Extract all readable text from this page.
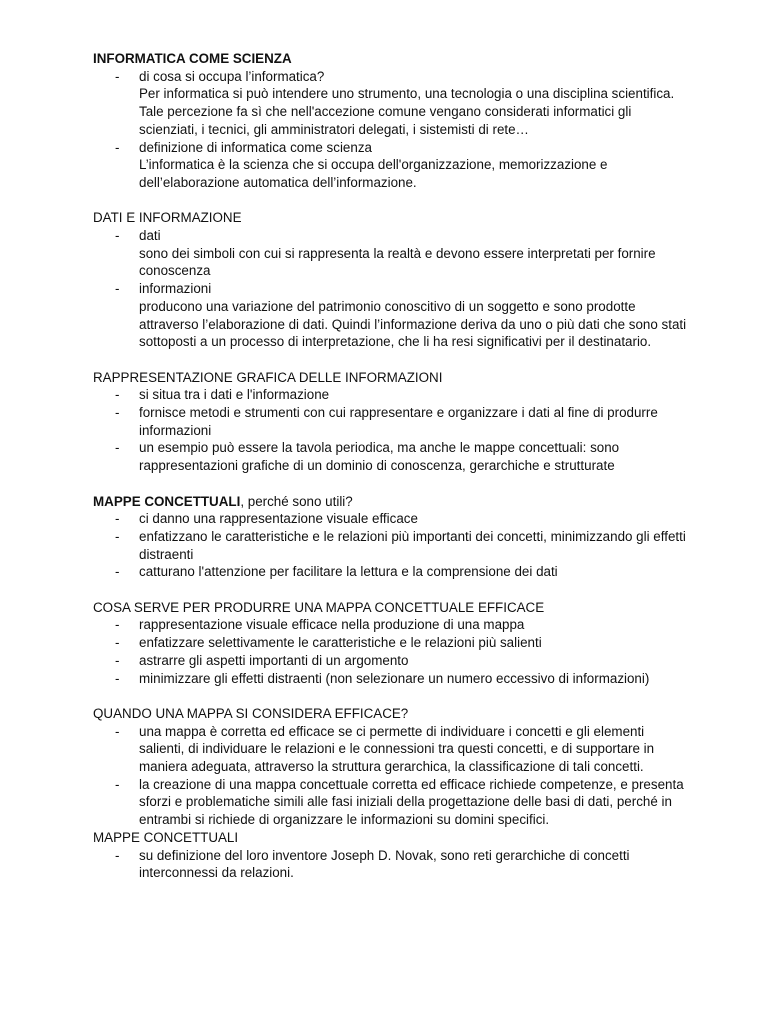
INFORMATICA COME SCIENZA
- di cosa si occupa l’informatica?
Per informatica si può intendere uno strumento, una tecnologia o una disciplina scientifica. Tale percezione fa sì che nell'accezione comune vengano considerati informatici gli scienziati, i tecnici, gli amministratori delegati, i sistemisti di rete…
- definizione di informatica come scienza
L’informatica è la scienza che si occupa dell'organizzazione, memorizzazione e dell’elaborazione automatica dell’informazione.
DATI E INFORMAZIONE
- dati
sono dei simboli con cui si rappresenta la realtà e devono essere interpretati per fornire conoscenza
- informazioni
producono una variazione del patrimonio conoscitivo di un soggetto e sono prodotte attraverso l’elaborazione di dati. Quindi l’informazione deriva da uno o più dati che sono stati sottoposti a un processo di interpretazione, che li ha resi significativi per il destinatario.
RAPPRESENTAZIONE GRAFICA DELLE INFORMAZIONI
- si situa tra i dati e l'informazione
- fornisce metodi e strumenti con cui rappresentare e organizzare i dati al fine di produrre informazioni
- un esempio può essere la tavola periodica, ma anche le mappe concettuali: sono rappresentazioni grafiche di un dominio di conoscenza, gerarchiche e strutturate
MAPPE CONCETTUALI, perché sono utili?
- ci danno una rappresentazione visuale efficace
- enfatizzano le caratteristiche e le relazioni più importanti dei concetti, minimizzando gli effetti distraenti
- catturano l'attenzione per facilitare la lettura e la comprensione dei dati
COSA SERVE PER PRODURRE UNA MAPPA CONCETTUALE EFFICACE
- rappresentazione visuale efficace nella produzione di una mappa
- enfatizzare selettivamente le caratteristiche e le relazioni più salienti
- astrarre gli aspetti importanti di un argomento
- minimizzare gli effetti distraenti (non selezionare un numero eccessivo di informazioni)
QUANDO UNA MAPPA SI CONSIDERA EFFICACE?
- una mappa è corretta ed efficace se ci permette di individuare i concetti e gli elementi salienti, di individuare le relazioni e le connessioni tra questi concetti, e di supportare in maniera adeguata, attraverso la struttura gerarchica, la classificazione di tali concetti.
- la creazione di una mappa concettuale corretta ed efficace richiede competenze, e presenta sforzi e problematiche simili alle fasi iniziali della progettazione delle basi di dati, perché in entrambi si richiede di organizzare le informazioni su domini specifici.
MAPPE CONCETTUALI
- su definizione del loro inventore Joseph D. Novak, sono reti gerarchiche di concetti interconnessi da relazioni.
